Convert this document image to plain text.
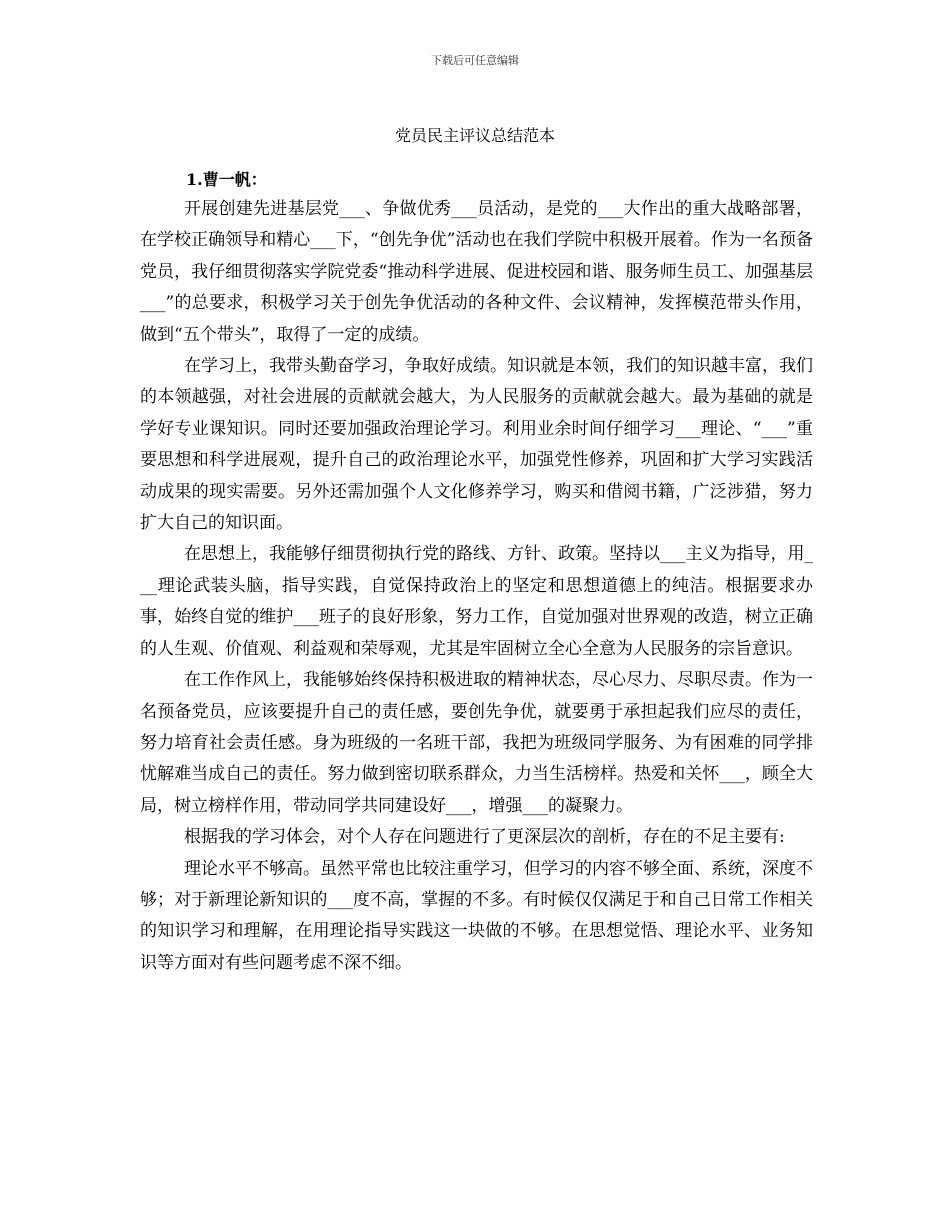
下载后可任意编辑
党员民主评议总结范本

1.曹一帆：

开展创建先进基层党___、争做优秀___员活动，是党的___大作出的重大战略部署，在学校正确领导和精心___下，“创先争优”活动也在我们学院中积极开展着。作为一名预备党员，我仔细贯彻落实学院党委“推动科学进展、促进校园和谐、服务师生员工、加强基层___”的总要求，积极学习关于创先争优活动的各种文件、会议精神，发挥模范带头作用，做到“五个带头”，取得了一定的成绩。

在学习上，我带头勤奋学习，争取好成绩。知识就是本领，我们的知识越丰富，我们的本领越强，对社会进展的贡献就会越大，为人民服务的贡献就会越大。最为基础的就是学好专业课知识。同时还要加强政治理论学习。利用业余时间仔细学习___理论、“___”重要思想和科学进展观，提升自己的政治理论水平，加强党性修养，巩固和扩大学习实践活动成果的现实需要。另外还需加强个人文化修养学习，购买和借阅书籍，广泛涉猎，努力扩大自己的知识面。

在思想上，我能够仔细贯彻执行党的路线、方针、政策。坚持以___主义为指导，用___理论武装头脑，指导实践，自觉保持政治上的坚定和思想道德上的纯洁。根据要求办事，始终自觉的维护___班子的良好形象，努力工作，自觉加强对世界观的改造，树立正确的人生观、价值观、利益观和荣辱观，尤其是牢固树立全心全意为人民服务的宗旨意识。

在工作作风上，我能够始终保持积极进取的精神状态，尽心尽力、尽职尽责。作为一名预备党员，应该要提升自己的责任感，要创先争优，就要勇于承担起我们应尽的责任，努力培育社会责任感。身为班级的一名班干部，我把为班级同学服务、为有困难的同学排忧解难当成自己的责任。努力做到密切联系群众，力当生活榜样。热爱和关怀___，顾全大局，树立榜样作用，带动同学共同建设好___，增强___的凝聚力。

根据我的学习体会，对个人存在问题进行了更深层次的剖析，存在的不足主要有:

理论水平不够高。虽然平常也比较注重学习，但学习的内容不够全面、系统，深度不够；对于新理论新知识的___度不高，掌握的不多。有时候仅仅满足于和自己日常工作相关的知识学习和理解，在用理论指导实践这一块做的不够。在思想觉悟、理论水平、业务知识等方面对有些问题考虑不深不细。
